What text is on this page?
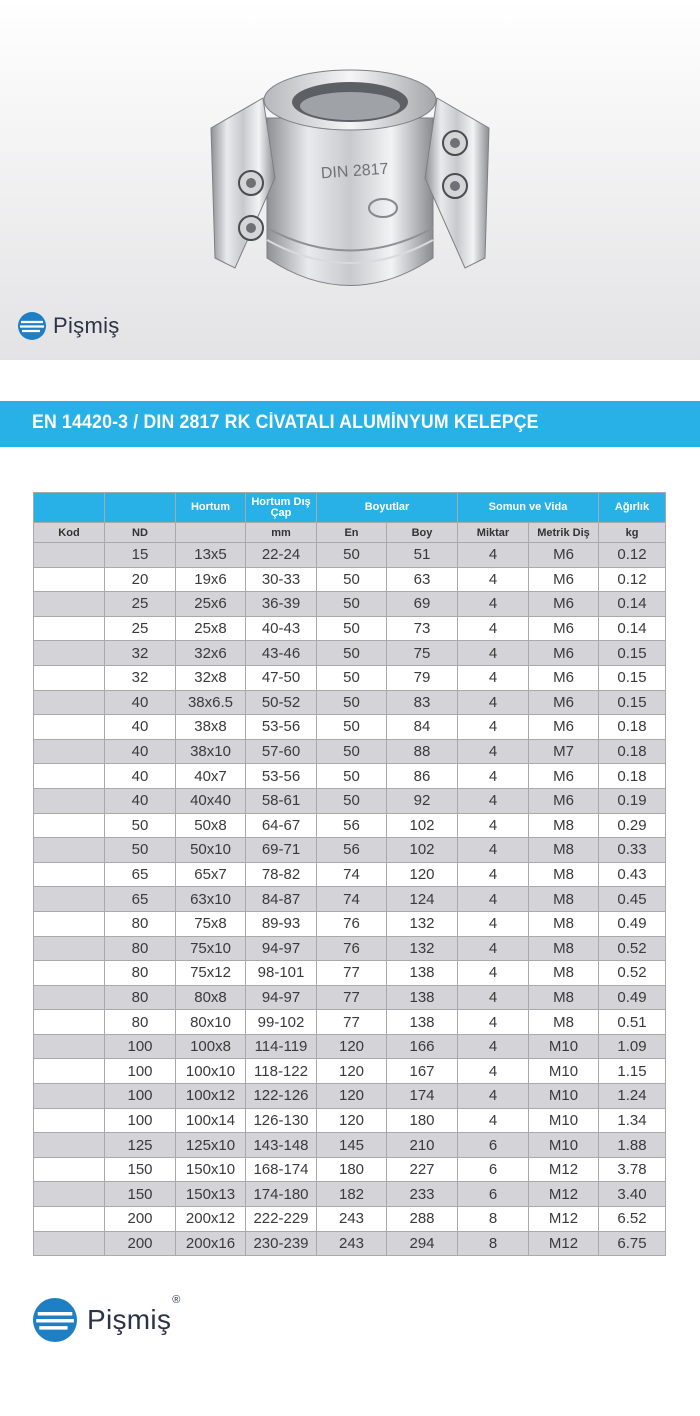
DIN 2817
Pişmiş
EN 14420-3 / DIN 2817 RK CİVATALI ALUMİNYUM KELEPÇE
		Hortum	Hortum Dış Çap	Boyutlar		Somun ve Vida		Ağırlık
Kod	ND		mm	En	Boy	Miktar	Metrik Diş	kg
	15	13x5	22-24	50	51	4	M6	0.12
	20	19x6	30-33	50	63	4	M6	0.12
	25	25x6	36-39	50	69	4	M6	0.14
	25	25x8	40-43	50	73	4	M6	0.14
	32	32x6	43-46	50	75	4	M6	0.15
	32	32x8	47-50	50	79	4	M6	0.15
	40	38x6.5	50-52	50	83	4	M6	0.15
	40	38x8	53-56	50	84	4	M6	0.18
	40	38x10	57-60	50	88	4	M7	0.18
	40	40x7	53-56	50	86	4	M6	0.18
	40	40x40	58-61	50	92	4	M6	0.19
	50	50x8	64-67	56	102	4	M8	0.29
	50	50x10	69-71	56	102	4	M8	0.33
	65	65x7	78-82	74	120	4	M8	0.43
	65	63x10	84-87	74	124	4	M8	0.45
	80	75x8	89-93	76	132	4	M8	0.49
	80	75x10	94-97	76	132	4	M8	0.52
	80	75x12	98-101	77	138	4	M8	0.52
	80	80x8	94-97	77	138	4	M8	0.49
	80	80x10	99-102	77	138	4	M8	0.51
	100	100x8	114-119	120	166	4	M10	1.09
	100	100x10	118-122	120	167	4	M10	1.15
	100	100x12	122-126	120	174	4	M10	1.24
	100	100x14	126-130	120	180	4	M10	1.34
	125	125x10	143-148	145	210	6	M10	1.88
	150	150x10	168-174	180	227	6	M12	3.78
	150	150x13	174-180	182	233	6	M12	3.40
	200	200x12	222-229	243	288	8	M12	6.52
	200	200x16	230-239	243	294	8	M12	6.75
Pişmiş®
